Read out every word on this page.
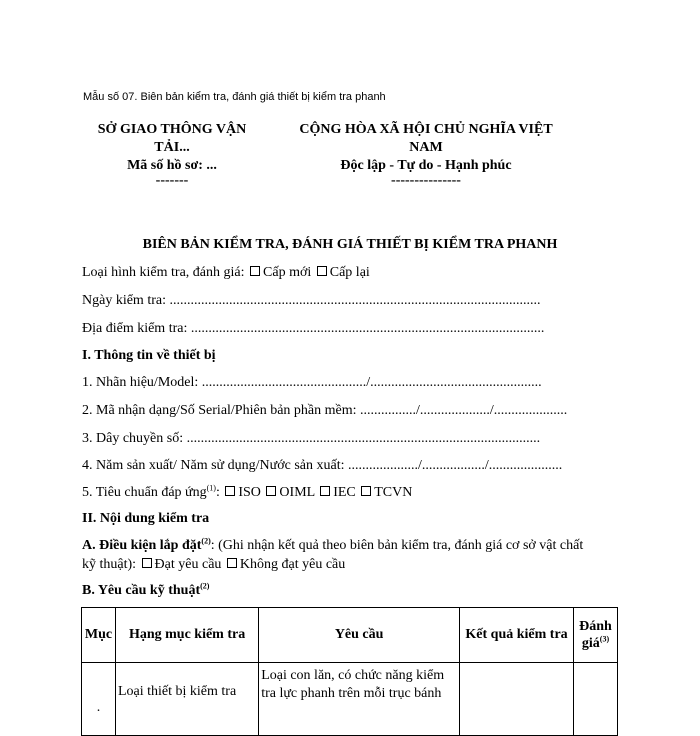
Mẫu số 07. Biên bản kiểm tra, đánh giá thiết bị kiểm tra phanh
SỞ GIAO THÔNG VẬN
TẢI...
Mã số hồ sơ: ...
-------
CỘNG HÒA XÃ HỘI CHỦ NGHĨA VIỆT
NAM
Độc lập - Tự do - Hạnh phúc
---------------
BIÊN BẢN KIỂM TRA, ĐÁNH GIÁ THIẾT BỊ KIỂM TRA PHANH
Loại hình kiểm tra, đánh giá: Cấp mới Cấp lại
Ngày kiểm tra: ..........................................................................................................
Địa điểm kiểm tra: .....................................................................................................
I. Thông tin về thiết bị
1. Nhãn hiệu/Model: .............................................../.................................................
2. Mã nhận dạng/Số Serial/Phiên bản phần mềm: ................/..................../.....................
3. Dây chuyền số: .....................................................................................................
4. Năm sản xuất/ Năm sử dụng/Nước sản xuất: ..................../................../.....................
5. Tiêu chuẩn đáp ứng$^{(1)}$: ISO OIML IEC TCVN
II. Nội dung kiểm tra
A. Điều kiện lắp đặt$^{(2)}$: (Ghi nhận kết quả theo biên bản kiểm tra, đánh giá cơ sở vật chất
kỹ thuật): Đạt yêu cầu Không đạt yêu cầu
B. Yêu cầu kỹ thuật$^{(2)}$
Mục	Hạng mục kiểm tra	Yêu cầu	Kết quả kiểm tra	Đánh
giá$^{(3)}$
.	Loại thiết bị kiểm tra	Loại con lăn, có chức năng kiểm
tra lực phanh trên mỗi trục bánh		
